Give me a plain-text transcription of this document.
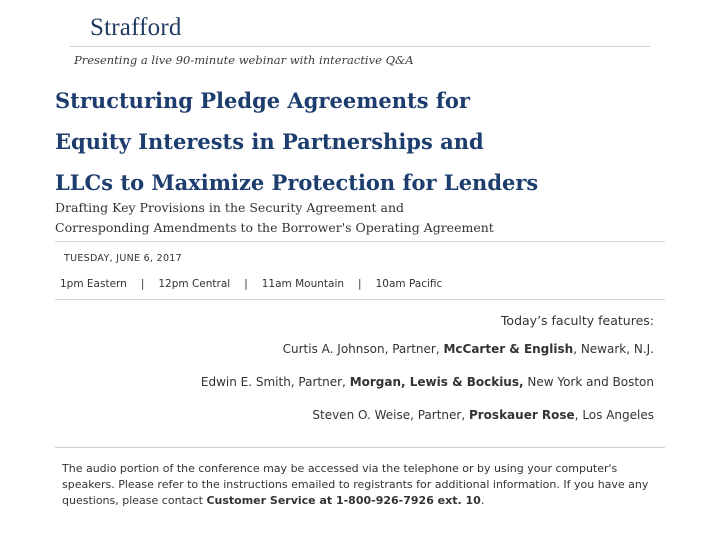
Strafford
Presenting a live 90-minute webinar with interactive Q&A
Structuring Pledge Agreements for
Equity Interests in Partnerships and
LLCs to Maximize Protection for Lenders
Drafting Key Provisions in the Security Agreement and
Corresponding Amendments to the Borrower's Operating Agreement
TUESDAY, JUNE 6, 2017
1pm Eastern | 12pm Central | 11am Mountain | 10am Pacific
Today’s faculty features:
Curtis A. Johnson, Partner, McCarter & English, Newark, N.J.
Edwin E. Smith, Partner, Morgan, Lewis & Bockius, New York and Boston
Steven O. Weise, Partner, Proskauer Rose, Los Angeles
The audio portion of the conference may be accessed via the telephone or by using your computer's speakers. Please refer to the instructions emailed to registrants for additional information. If you have any questions, please contact Customer Service at 1-800-926-7926 ext. 10.
